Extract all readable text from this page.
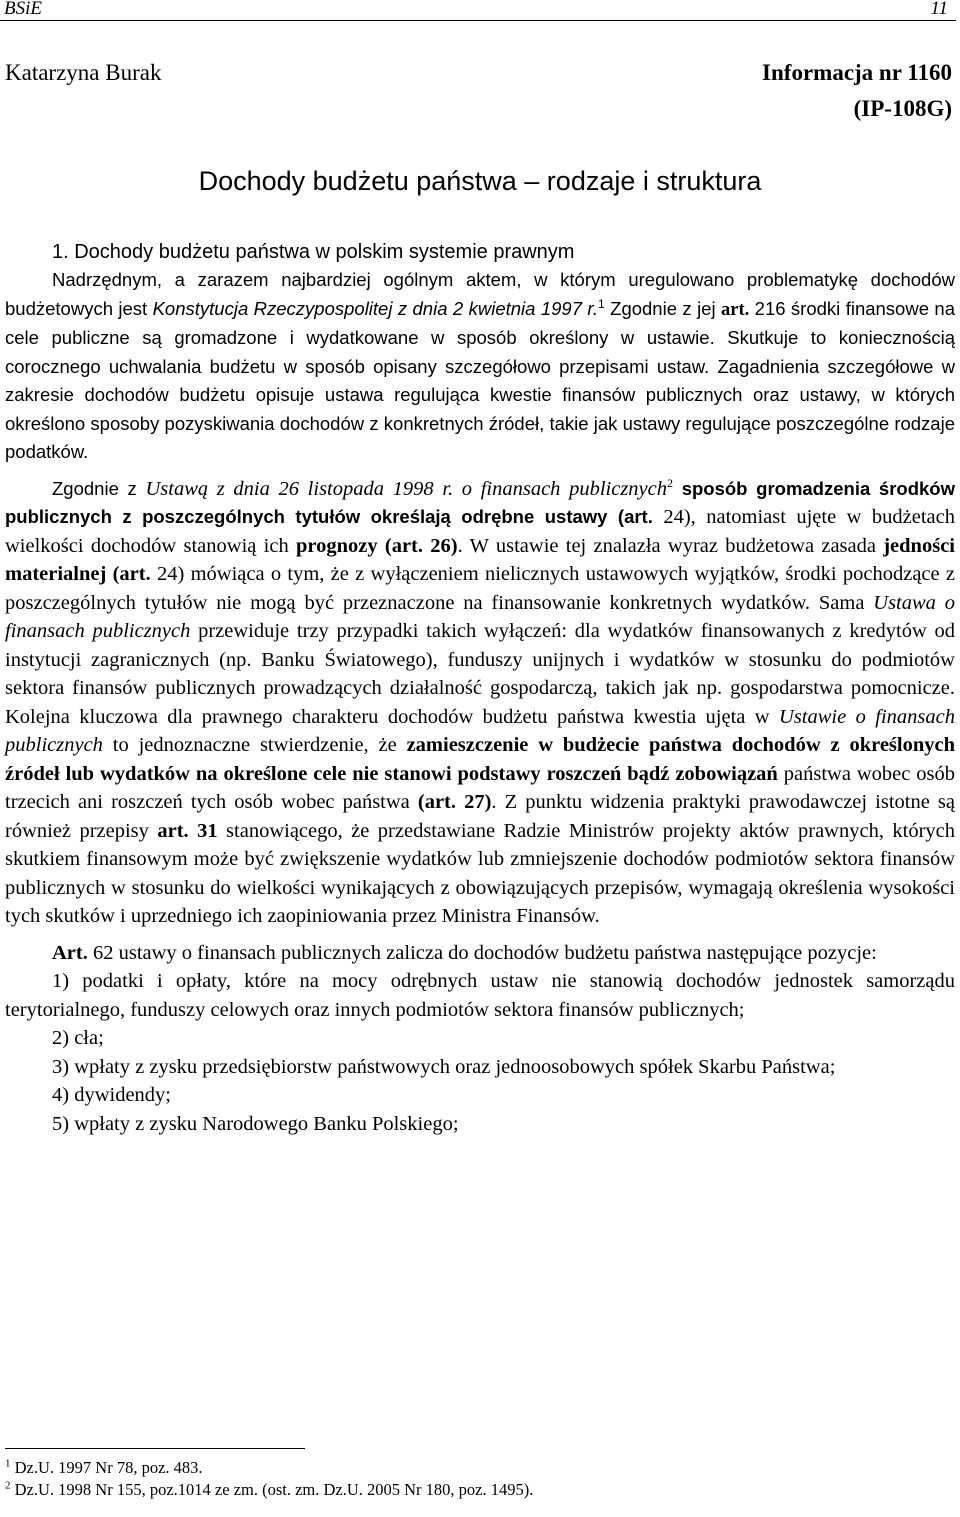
BSiE	11
Katarzyna Burak	Informacja nr 1160
(IP-108G)
Dochody budżetu państwa – rodzaje i struktura
1. Dochody budżetu państwa w polskim systemie prawnym

Nadrzędnym, a zarazem najbardziej ogólnym aktem, w którym uregulowano problematykę dochodów budżetowych jest Konstytucja Rzeczypospolitej z dnia 2 kwietnia 1997 r.$^1$ Zgodnie z jej art. 216 środki finansowe na cele publiczne są gromadzone i wydatkowane w sposób określony w ustawie. Skutkuje to koniecznością corocznego uchwalania budżetu w sposób opisany szczegółowo przepisami ustaw. Zagadnienia szczegółowe w zakresie dochodów budżetu opisuje ustawa regulująca kwestie finansów publicznych oraz ustawy, w których określono sposoby pozyskiwania dochodów z konkretnych źródeł, takie jak ustawy regulujące poszczególne rodzaje podatków.

Zgodnie z Ustawą z dnia 26 listopada 1998 r. o finansach publicznych$^2$ sposób gromadzenia środków publicznych z poszczególnych tytułów określają odrębne ustawy (art. 24), natomiast ujęte w budżetach wielkości dochodów stanowią ich prognozy (art. 26). W ustawie tej znalazła wyraz budżetowa zasada jedności materialnej (art. 24) mówiąca o tym, że z wyłączeniem nielicznych ustawowych wyjątków, środki pochodzące z poszczególnych tytułów nie mogą być przeznaczone na finansowanie konkretnych wydatków. Sama Ustawa o finansach publicznych przewiduje trzy przypadki takich wyłączeń: dla wydatków finansowanych z kredytów od instytucji zagranicznych (np. Banku Światowego), funduszy unijnych i wydatków w stosunku do podmiotów sektora finansów publicznych prowadzących działalność gospodarczą, takich jak np. gospodarstwa pomocnicze. Kolejna kluczowa dla prawnego charakteru dochodów budżetu państwa kwestia ujęta w Ustawie o finansach publicznych to jednoznaczne stwierdzenie, że zamieszczenie w budżecie państwa dochodów z określonych źródeł lub wydatków na określone cele nie stanowi podstawy roszczeń bądź zobowiązań państwa wobec osób trzecich ani roszczeń tych osób wobec państwa (art. 27). Z punktu widzenia praktyki prawodawczej istotne są również przepisy art. 31 stanowiącego, że przedstawiane Radzie Ministrów projekty aktów prawnych, których skutkiem finansowym może być zwiększenie wydatków lub zmniejszenie dochodów podmiotów sektora finansów publicznych w stosunku do wielkości wynikających z obowiązujących przepisów, wymagają określenia wysokości tych skutków i uprzedniego ich zaopiniowania przez Ministra Finansów.

Art. 62 ustawy o finansach publicznych zalicza do dochodów budżetu państwa następujące pozycje:

1) podatki i opłaty, które na mocy odrębnych ustaw nie stanowią dochodów jednostek samorządu terytorialnego, funduszy celowych oraz innych podmiotów sektora finansów publicznych;
2) cła;
3) wpłaty z zysku przedsiębiorstw państwowych oraz jednoosobowych spółek Skarbu Państwa;
4) dywidendy;
5) wpłaty z zysku Narodowego Banku Polskiego;
$^1$ Dz.U. 1997 Nr 78, poz. 483.
$^2$ Dz.U. 1998 Nr 155, poz.1014 ze zm. (ost. zm. Dz.U. 2005 Nr 180, poz. 1495).
